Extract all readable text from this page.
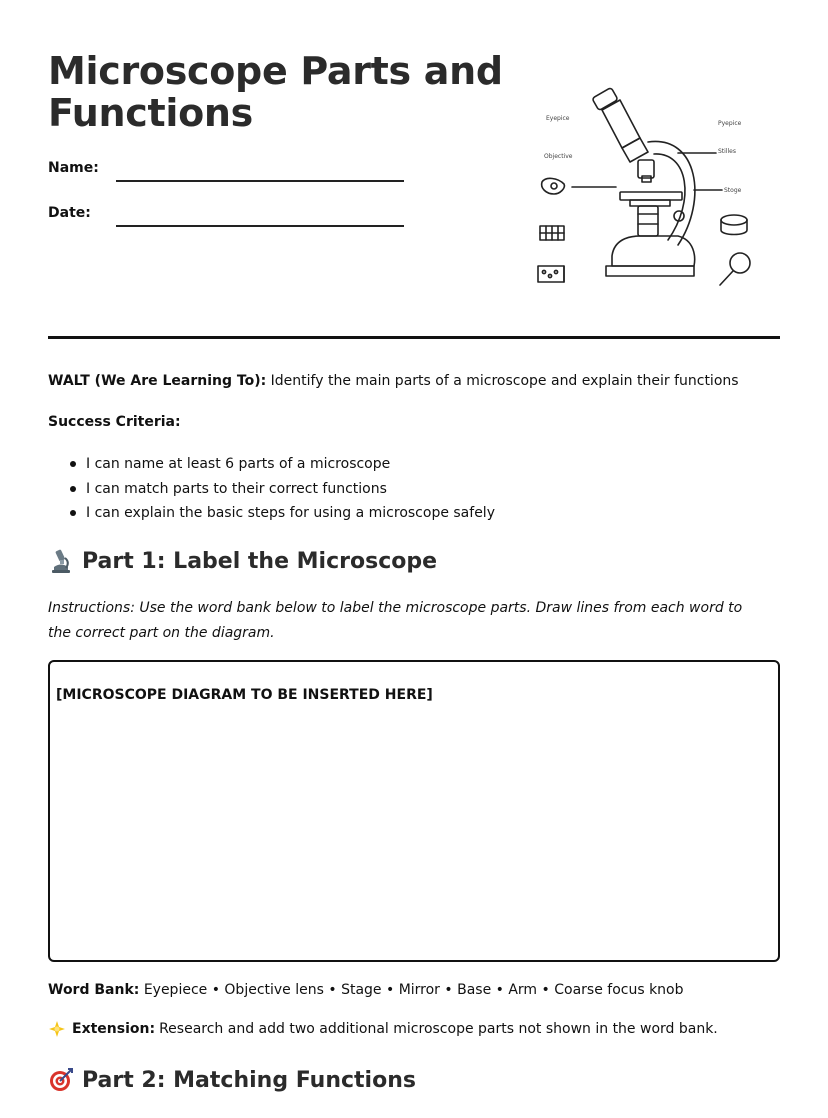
Microscope Parts and Functions
Name:
Date:
Eyepice
Pyepice
Objective
Stilles
Stoge
WALT (We Are Learning To): Identify the main parts of a microscope and explain their functions
Success Criteria:
I can name at least 6 parts of a microscope
I can match parts to their correct functions
I can explain the basic steps for using a microscope safely
Part 1: Label the Microscope
Instructions: Use the word bank below to label the microscope parts. Draw lines from each word to the correct part on the diagram.
[MICROSCOPE DIAGRAM TO BE INSERTED HERE]
Word Bank: Eyepiece • Objective lens • Stage • Mirror • Base • Arm • Coarse focus knob
Extension: Research and add two additional microscope parts not shown in the word bank.
Part 2: Matching Functions
